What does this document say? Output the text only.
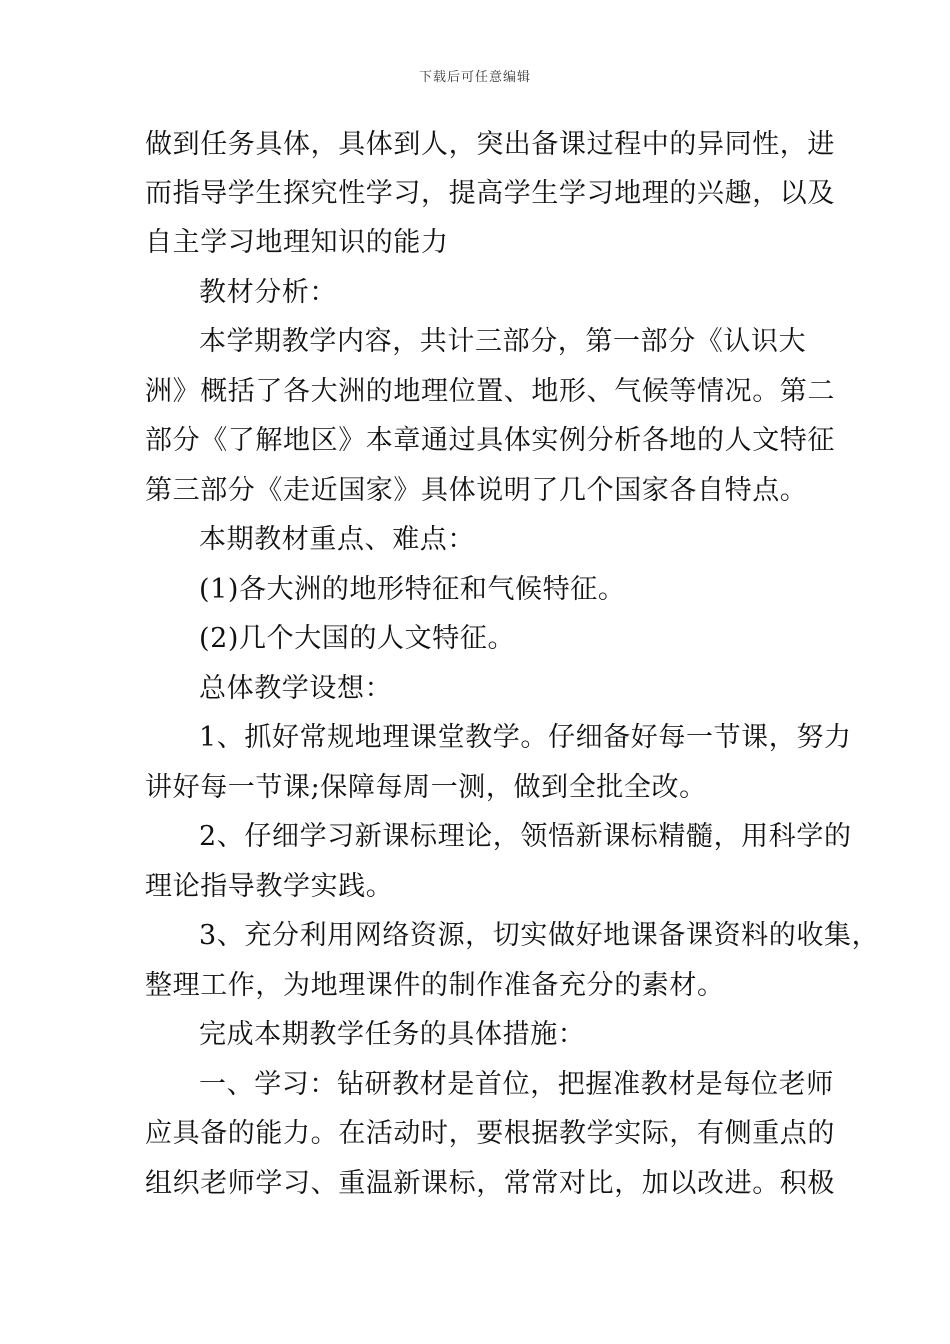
下载后可任意编辑
做到任务具体，具体到人，突出备课过程中的异同性，进
而指导学生探究性学习，提高学生学习地理的兴趣，以及
自主学习地理知识的能力
教材分析：
本学期教学内容，共计三部分，第一部分《认识大
洲》概括了各大洲的地理位置、地形、气候等情况。第二
部分《了解地区》本章通过具体实例分析各地的人文特征
第三部分《走近国家》具体说明了几个国家各自特点。
本期教材重点、难点：
(1)各大洲的地形特征和气候特征。
(2)几个大国的人文特征。
总体教学设想：
1、抓好常规地理课堂教学。仔细备好每一节课，努力
讲好每一节课;保障每周一测，做到全批全改。
2、仔细学习新课标理论，领悟新课标精髓，用科学的
理论指导教学实践。
3、充分利用网络资源，切实做好地课备课资料的收集，
整理工作，为地理课件的制作准备充分的素材。
完成本期教学任务的具体措施：
一、学习：钻研教材是首位，把握准教材是每位老师
应具备的能力。在活动时，要根据教学实际，有侧重点的
组织老师学习、重温新课标，常常对比，加以改进。积极
